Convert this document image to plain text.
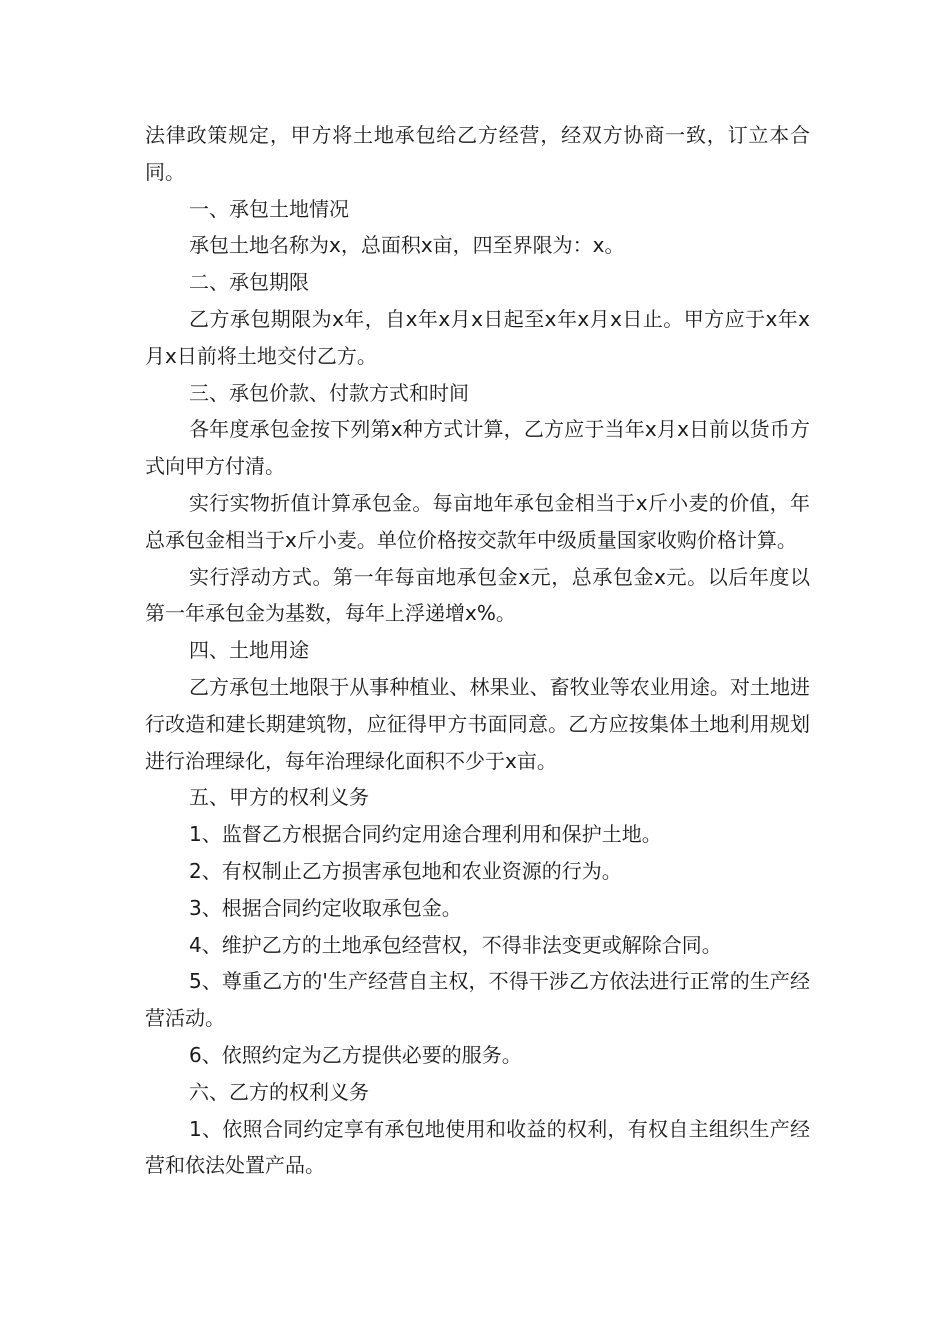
法律政策规定，甲方将土地承包给乙方经营，经双方协商一致，订立本合同。

一、承包土地情况

承包土地名称为x，总面积x亩，四至界限为：x。

二、承包期限

乙方承包期限为x年，自x年x月x日起至x年x月x日止。甲方应于x年x月x日前将土地交付乙方。

三、承包价款、付款方式和时间

各年度承包金按下列第x种方式计算，乙方应于当年x月x日前以货币方式向甲方付清。

实行实物折值计算承包金。每亩地年承包金相当于x斤小麦的价值，年总承包金相当于x斤小麦。单位价格按交款年中级质量国家收购价格计算。

实行浮动方式。第一年每亩地承包金x元，总承包金x元。以后年度以第一年承包金为基数，每年上浮递增x%。

四、土地用途

乙方承包土地限于从事种植业、林果业、畜牧业等农业用途。对土地进行改造和建长期建筑物，应征得甲方书面同意。乙方应按集体土地利用规划进行治理绿化，每年治理绿化面积不少于x亩。

五、甲方的权利义务

1、监督乙方根据合同约定用途合理利用和保护土地。

2、有权制止乙方损害承包地和农业资源的行为。

3、根据合同约定收取承包金。

4、维护乙方的土地承包经营权，不得非法变更或解除合同。

5、尊重乙方的'生产经营自主权，不得干涉乙方依法进行正常的生产经营活动。

6、依照约定为乙方提供必要的服务。

六、乙方的权利义务

1、依照合同约定享有承包地使用和收益的权利，有权自主组织生产经营和依法处置产品。
